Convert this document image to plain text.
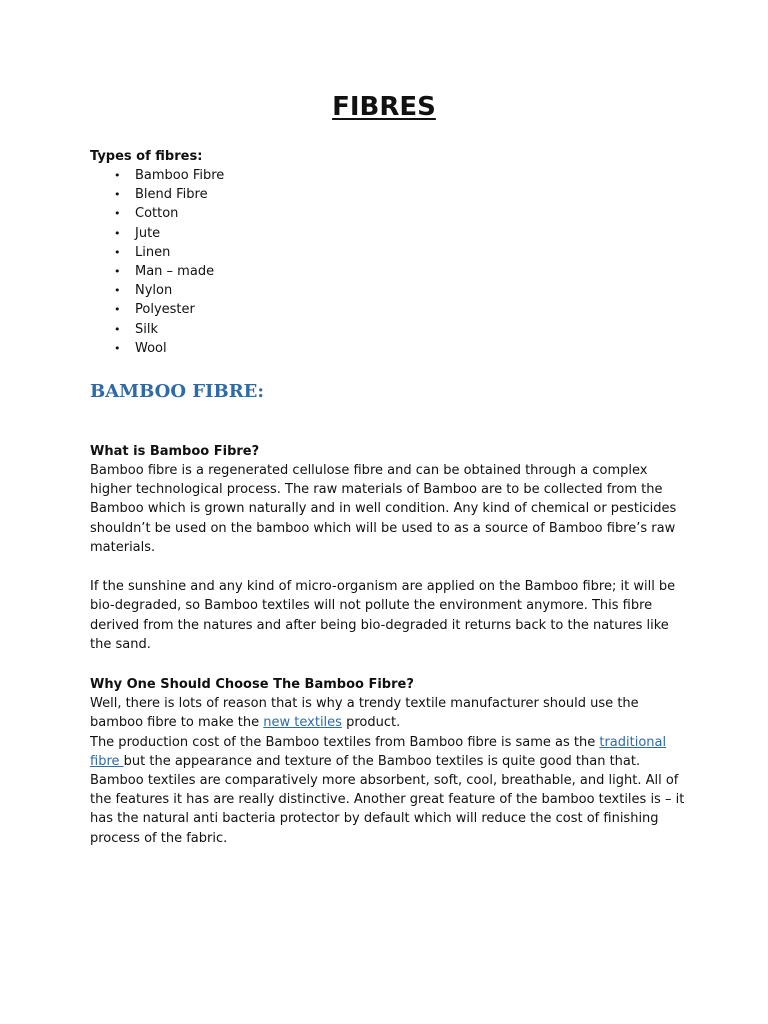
FIBRES

Types of fibres:

• Bamboo Fibre
• Blend Fibre
• Cotton
• Jute
• Linen
• Man – made
• Nylon
• Polyester
• Silk
• Wool
BAMBOO FIBRE:

What is Bamboo Fibre?

Bamboo fibre is a regenerated cellulose fibre and can be obtained through a complex higher technological process. The raw materials of Bamboo are to be collected from the Bamboo which is grown naturally and in well condition. Any kind of chemical or pesticides shouldn’t be used on the bamboo which will be used to as a source of Bamboo fibre’s raw materials.

If the sunshine and any kind of micro-organism are applied on the Bamboo fibre; it will be bio-degraded, so Bamboo textiles will not pollute the environment anymore. This fibre derived from the natures and after being bio-degraded it returns back to the natures like the sand.

Why One Should Choose The Bamboo Fibre?

Well, there is lots of reason that is why a trendy textile manufacturer should use the bamboo fibre to make the new textiles product.

The production cost of the Bamboo textiles from Bamboo fibre is same as the traditional fibre but the appearance and texture of the Bamboo textiles is quite good than that. Bamboo textiles are comparatively more absorbent, soft, cool, breathable, and light. All of the features it has are really distinctive. Another great feature of the bamboo textiles is – it has the natural anti bacteria protector by default which will reduce the cost of finishing process of the fabric.
